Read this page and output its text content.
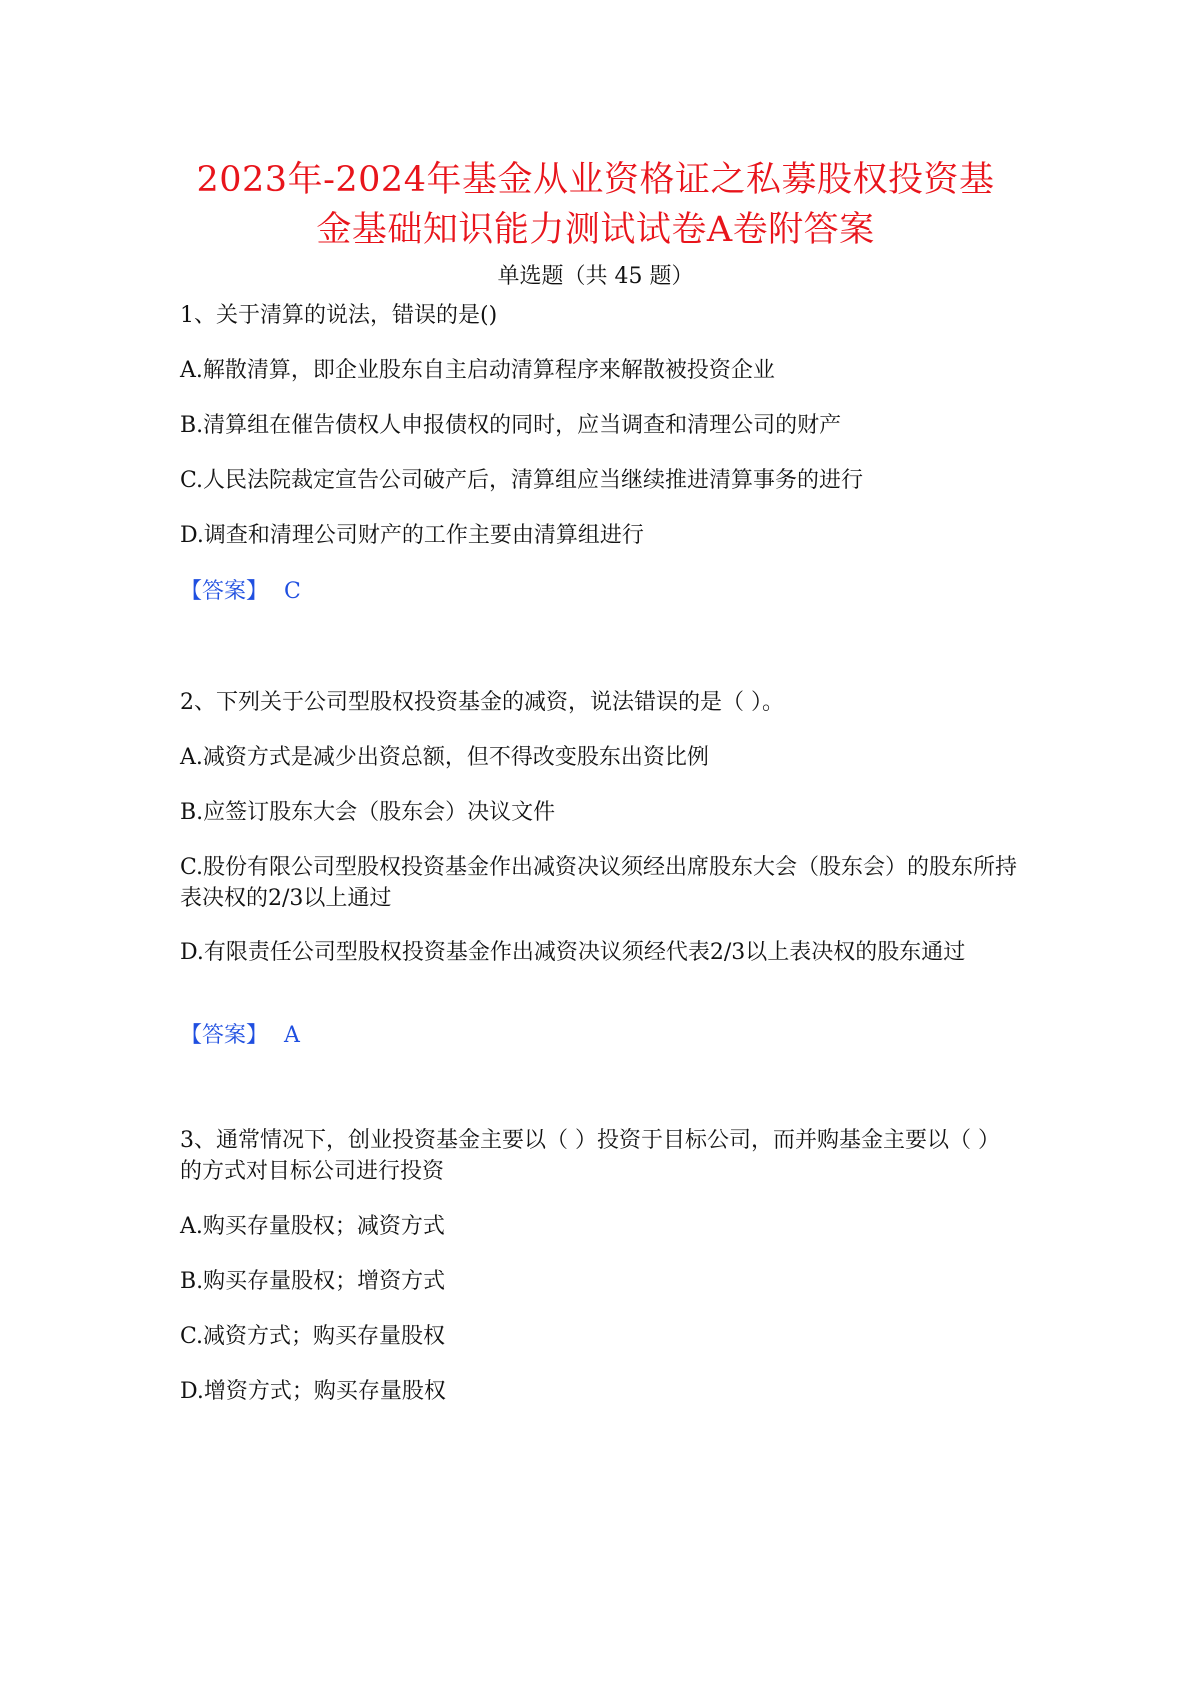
2023年-2024年基金从业资格证之私募股权投资基
金基础知识能力测试试卷A卷附答案
单选题（共 45 题）
1、关于清算的说法，错误的是()
A.解散清算，即企业股东自主启动清算程序来解散被投资企业
B.清算组在催告债权人申报债权的同时，应当调查和清理公司的财产
C.人民法院裁定宣告公司破产后，清算组应当继续推进清算事务的进行
D.调查和清理公司财产的工作主要由清算组进行
【答案】 C
2、下列关于公司型股权投资基金的减资，说法错误的是（ ）。
A.减资方式是减少出资总额，但不得改变股东出资比例
B.应签订股东大会（股东会）决议文件
C.股份有限公司型股权投资基金作出减资决议须经出席股东大会（股东会）的股东所持表决权的2/3以上通过
D.有限责任公司型股权投资基金作出减资决议须经代表2/3以上表决权的股东通过
【答案】 A
3、通常情况下，创业投资基金主要以（ ）投资于目标公司，而并购基金主要以（ ）的方式对目标公司进行投资
A.购买存量股权；减资方式
B.购买存量股权；增资方式
C.减资方式；购买存量股权
D.增资方式；购买存量股权
